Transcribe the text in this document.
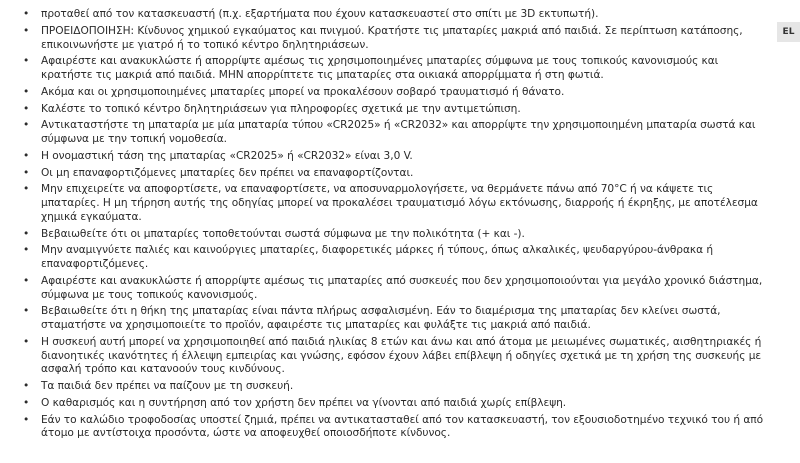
• προταθεί από τον κατασκευαστή (π.χ. εξαρτήματα που έχουν κατασκευαστεί στο σπίτι με 3D εκτυπωτή).
• ΠΡΟΕΙΔΟΠΟΙΗΣΗ: Κίνδυνος χημικού εγκαύματος και πνιγμού. Κρατήστε τις μπαταρίες μακριά από παιδιά. Σε περίπτωση κατάποσης, επικοινωνήστε με γιατρό ή το τοπικό κέντρο δηλητηριάσεων.
• Αφαιρέστε και ανακυκλώστε ή απορρίψτε αμέσως τις χρησιμοποιημένες μπαταρίες σύμφωνα με τους τοπικούς κανονισμούς και κρατήστε τις μακριά από παιδιά. ΜΗΝ απορρίπτετε τις μπαταρίες στα οικιακά απορρίμματα ή στη φωτιά.
• Ακόμα και οι χρησιμοποιημένες μπαταρίες μπορεί να προκαλέσουν σοβαρό τραυματισμό ή θάνατο.
• Καλέστε το τοπικό κέντρο δηλητηριάσεων για πληροφορίες σχετικά με την αντιμετώπιση.
• Αντικαταστήστε τη μπαταρία με μία μπαταρία τύπου «CR2025» ή «CR2032» και απορρίψτε την χρησιμοποιημένη μπαταρία σωστά και σύμφωνα με την τοπική νομοθεσία.
• Η ονομαστική τάση της μπαταρίας «CR2025» ή «CR2032» είναι 3,0 V.
• Οι μη επαναφορτιζόμενες μπαταρίες δεν πρέπει να επαναφορτίζονται.
• Μην επιχειρείτε να αποφορτίσετε, να επαναφορτίσετε, να αποσυναρμολογήσετε, να θερμάνετε πάνω από 70°C ή να κάψετε τις μπαταρίες. Η μη τήρηση αυτής της οδηγίας μπορεί να προκαλέσει τραυματισμό λόγω εκτόνωσης, διαρροής ή έκρηξης, με αποτέλεσμα χημικά εγκαύματα.
• Βεβαιωθείτε ότι οι μπαταρίες τοποθετούνται σωστά σύμφωνα με την πολικότητα (+ και -).
• Μην αναμιγνύετε παλιές και καινούργιες μπαταρίες, διαφορετικές μάρκες ή τύπους, όπως αλκαλικές, ψευδαργύρου-άνθρακα ή επαναφορτιζόμενες.
• Αφαιρέστε και ανακυκλώστε ή απορρίψτε αμέσως τις μπαταρίες από συσκευές που δεν χρησιμοποιούνται για μεγάλο χρονικό διάστημα, σύμφωνα με τους τοπικούς κανονισμούς.
• Βεβαιωθείτε ότι η θήκη της μπαταρίας είναι πάντα πλήρως ασφαλισμένη. Εάν το διαμέρισμα της μπαταρίας δεν κλείνει σωστά, σταματήστε να χρησιμοποιείτε το προϊόν, αφαιρέστε τις μπαταρίες και φυλάξτε τις μακριά από παιδιά.
• Η συσκευή αυτή μπορεί να χρησιμοποιηθεί από παιδιά ηλικίας 8 ετών και άνω και από άτομα με μειωμένες σωματικές, αισθητηριακές ή διανοητικές ικανότητες ή έλλειψη εμπειρίας και γνώσης, εφόσον έχουν λάβει επίβλεψη ή οδηγίες σχετικά με τη χρήση της συσκευής με ασφαλή τρόπο και κατανοούν τους κινδύνους.
• Τα παιδιά δεν πρέπει να παίζουν με τη συσκευή.
• Ο καθαρισμός και η συντήρηση από τον χρήστη δεν πρέπει να γίνονται από παιδιά χωρίς επίβλεψη.
• Εάν το καλώδιο τροφοδοσίας υποστεί ζημιά, πρέπει να αντικατασταθεί από τον κατασκευαστή, τον εξουσιοδοτημένο τεχνικό του ή από άτομο με αντίστοιχα προσόντα, ώστε να αποφευχθεί οποιοσδήποτε κίνδυνος.
EL
